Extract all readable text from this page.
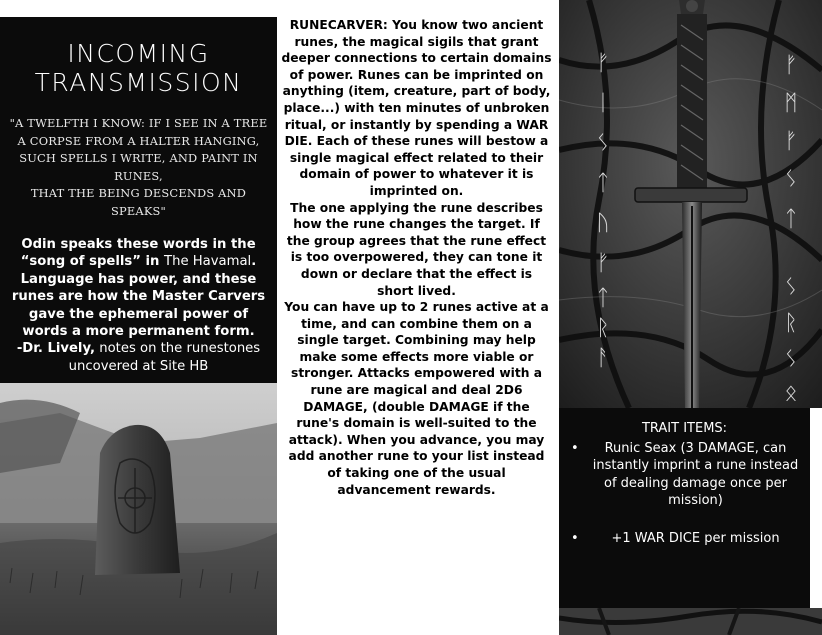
INCOMING
TRANSMISSION
"A TWELFTH I KNOW: IF I SEE IN A TREE
A CORPSE FROM A HALTER HANGING,
SUCH SPELLS I WRITE, AND PAINT IN RUNES,
THAT THE BEING DESCENDS AND SPEAKS"
Odin speaks these words in the “song of spells” in The Havamal. Language has power, and these runes are how the Master Carvers gave the ephemeral power of words a more permanent form.
-Dr. Lively, notes on the runestones uncovered at Site HB

RUNECARVER: You know two ancient runes, the magical sigils that grant deeper connections to certain domains of power. Runes can be imprinted on anything (item, creature, part of body, place...) with ten minutes of unbroken ritual, or instantly by spending a WAR DIE. Each of these runes will bestow a single magical effect related to their domain of power to whatever it is imprinted on.

The one applying the rune describes how the rune changes the target. If the group agrees that the rune effect is too overpowered, they can tone it down or declare that the effect is short lived.

You can have up to 2 runes active at a time, and can combine them on a single target. Combining may help make some effects more viable or stronger. Attacks empowered with a rune are magical and deal 2D6 DAMAGE, (double DAMAGE if the rune's domain is well-suited to the attack). When you advance, you may add another rune to your list instead of taking one of the usual advancement rewards.

ᚠ
ᛁ
ᛊ
ᛏ
ᚢ
ᚠ
ᛏ
ᚱ
ᚨ
ᚠ
ᛗ
ᚠ
ᛊ
ᛏ
ᛊ
ᚱ
ᛊ
ᛟ
TRAIT ITEMS:
• Runic Seax (3 DAMAGE, can instantly imprint a rune instead of dealing damage once per mission)
•	+1 WAR DICE per mission
